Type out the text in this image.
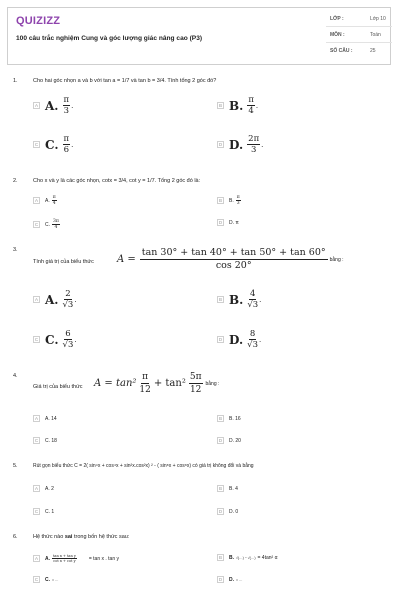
QUIZIZZ
100 câu trắc nghiệm Cung và góc lượng giác nâng cao (P3)
LỚP :	Lớp 10
MÔN :	Toán
SỐ CÂU :	25
1.	Cho hai góc nhọn a và b với tan a = 1/7 và tan b = 3/4. Tính tổng 2 góc đó?
A A. $\frac{\pi}{3}$ .	B B. $\frac{\pi}{4}$ .
C C. $\frac{\pi}{6}$ .	D D. $\frac{2\pi}{3}$ .
2.	Cho x và y là các góc nhọn, cotx = 3/4, cot y = 1/7. Tổng 2 góc đó là:
A	A. $\frac{\pi}{4}$	B	B. $\frac{\pi}{3}$
C	C. $\frac{3\pi}{4}$	D	D. π
3.
Tính giá trị của biểu thức $A = \frac{\tan 30^\circ + \tan 40^\circ + \tan 50^\circ + \tan 60^\circ}{\cos 20^\circ}$ bằng :
A A. $\frac{2}{√3}$ .	B B. $\frac{4}{√3}$ .
C C. $\frac{6}{√3}$ .	D D. $\frac{8}{√3}$ .
4.
Giá trị của biểu thức $A = \tan^2 \frac{\pi}{12} + \tan^2 \frac{5\pi}{12}$ bằng :
A	A. 14	B	B. 16
C	C. 18	D	D. 20
5.	Rút gọn biểu thức C = 2( sin⁴x + cos⁴x + sin²x.cos²x) ² - ( sin⁸x + cos⁸x) có giá trị không đổi và bằng
A	A. 2	B	B. 4
C	C. 1	D	D. 0
6.	Hệ thức nào sai trong bốn hệ thức sau:
A	A. $\frac{\text{tan x + tan y}}{\text{cot x + cot y}} = \tan x$ . tan y	B	B. √(…) − √(…) = 4tan² α
C	C. = …	D	D. = …
